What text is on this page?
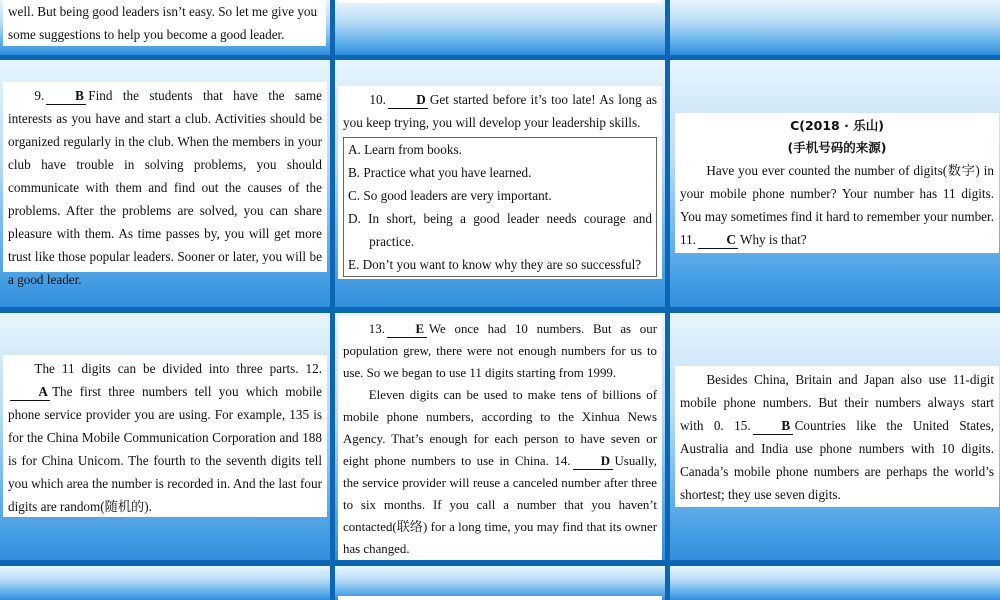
well. But being good leaders isn’t easy. So let me give you
some suggestions to help you become a good leader.

9. B Find the students that have the same interests as you have and start a club. Activities should be organized regularly in the club. When the members in your club have trouble in solving problems, you should communicate with them and find out the causes of the problems. After the problems are solved, you can share pleasure with them. As time passes by, you will get more trust like those popular leaders. Sooner or later, you will be a good leader.

10. D Get started before it’s too late! As long as you keep trying, you will develop your leadership skills.

A. Learn from books.
B. Practice what you have learned.
C. So good leaders are very important.
D. In short, being a good leader needs courage and practice.
E. Don’t you want to know why they are so successful?
C(2018 · 乐山)
(手机号码的来源)

Have you ever counted the number of digits(数字) in your mobile phone number? Your number has 11 digits. You may sometimes find it hard to remember your number. 11. C Why is that?

The 11 digits can be divided into three parts. 12.A The first three numbers tell you which mobile phone service provider you are using. For example, 135 is for the China Mobile Communication Corporation and 188 is for China Unicom. The fourth to the seventh digits tell you which area the number is recorded in. And the last four digits are random(随机的).

13. E We once had 10 numbers. But as our population grew, there were not enough numbers for us to use. So we began to use 11 digits starting from 1999.

Eleven digits can be used to make tens of billions of mobile phone numbers, according to the Xinhua News Agency. That’s enough for each person to have seven or eight phone numbers to use in China. 14. D Usually, the service provider will reuse a canceled number after three to six months. If you call a number that you haven’t contacted(联络) for a long time, you may find that its owner has changed.

Besides China, Britain and Japan also use 11-digit mobile phone numbers. But their numbers always start with 0. 15. B Countries like the United States, Australia and India use phone numbers with 10 digits. Canada’s mobile phone numbers are perhaps the world’s shortest; they use seven digits.
